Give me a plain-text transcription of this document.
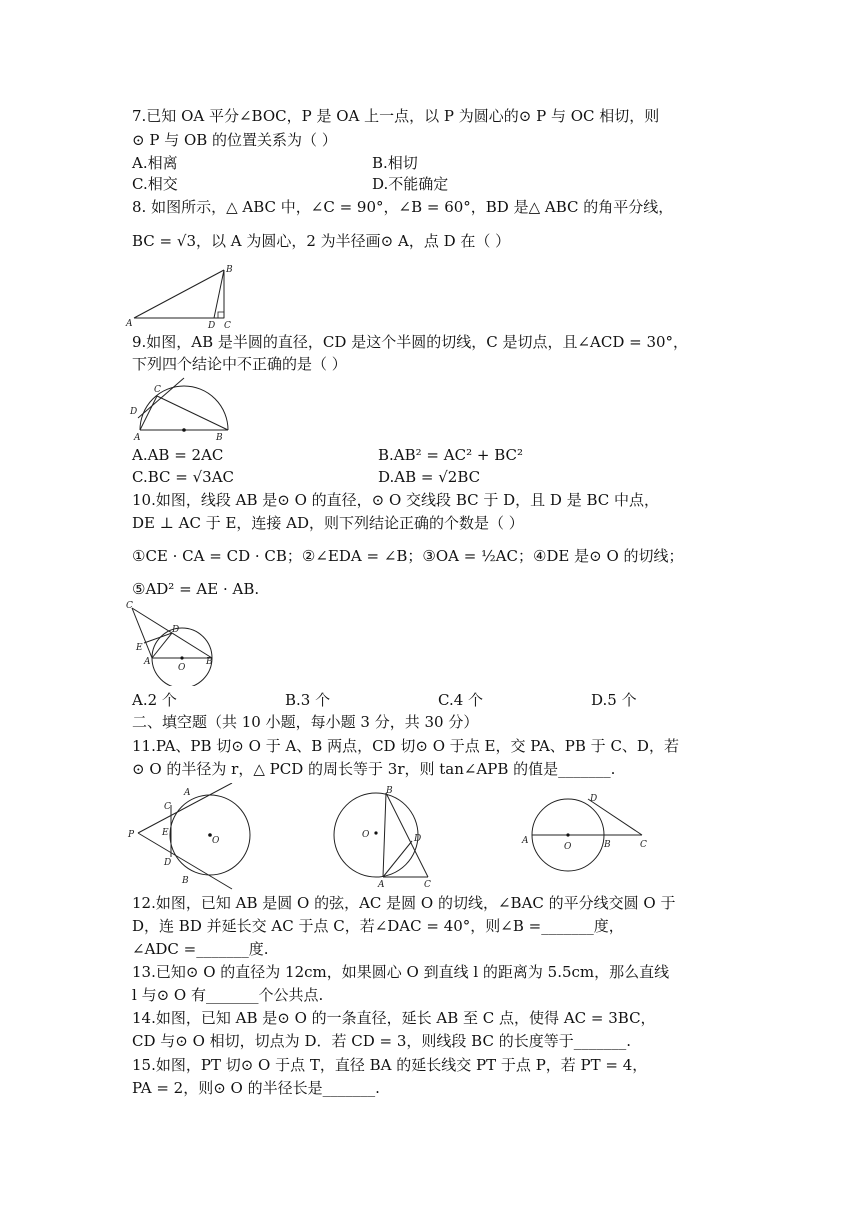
7.已知 OA 平分∠BOC，P 是 OA 上一点，以 P 为圆心的⊙ P 与 OC 相切，则
⊙ P 与 OB 的位置关系为（ ）
A.相离	B.相切
C.相交	D.不能确定
8. 如图所示，△ ABC 中，∠C = 90°，∠B = 60°，BD 是△ ABC 的角平分线，
BC = √3，以 A 为圆心，2 为半径画⊙ A，点 D 在（ ）
A
B
C
D
9.如图，AB 是半圆的直径，CD 是这个半圆的切线，C 是切点，且∠ACD = 30°，
下列四个结论中不正确的是（ ）
A	B
C
D
A.AB = 2AC	B.AB² = AC² + BC²
C.BC = √3AC	D.AB = √2BC
10.如图，线段 AB 是⊙ O 的直径，⊙ O 交线段 BC 于 D，且 D 是 BC 中点，
DE ⊥ AC 于 E，连接 AD，则下列结论正确的个数是（ ）
①CE · CA = CD · CB；②∠EDA = ∠B；③OA = ½AC；④DE 是⊙ O 的切线；
⑤AD² = AE · AB.
C
D
E
A	B
O
A.2 个	B.3 个	C.4 个	D.5 个
二、填空题（共 10 小题，每小题 3 分，共 30 分）
11.PA、PB 切⊙ O 于 A、B 两点，CD 切⊙ O 于点 E，交 PA、PB 于 C、D，若
⊙ O 的半径为 r，△ PCD 的周长等于 3r，则 tan∠APB 的值是_______.
P
A
C
E
D
B
O
O
B
D
A	C
A
O	B	C
D
12.如图，已知 AB 是圆 O 的弦，AC 是圆 O 的切线，∠BAC 的平分线交圆 O 于
D，连 BD 并延长交 AC 于点 C，若∠DAC = 40°，则∠B =_______度，
∠ADC =_______度.
13.已知⊙ O 的直径为 12cm，如果圆心 O 到直线 l 的距离为 5.5cm，那么直线
l 与⊙ O 有_______个公共点.
14.如图，已知 AB 是⊙ O 的一条直径，延长 AB 至 C 点，使得 AC = 3BC，
CD 与⊙ O 相切，切点为 D．若 CD = 3，则线段 BC 的长度等于_______.
15.如图，PT 切⊙ O 于点 T，直径 BA 的延长线交 PT 于点 P，若 PT = 4，
PA = 2，则⊙ O 的半径长是_______.
